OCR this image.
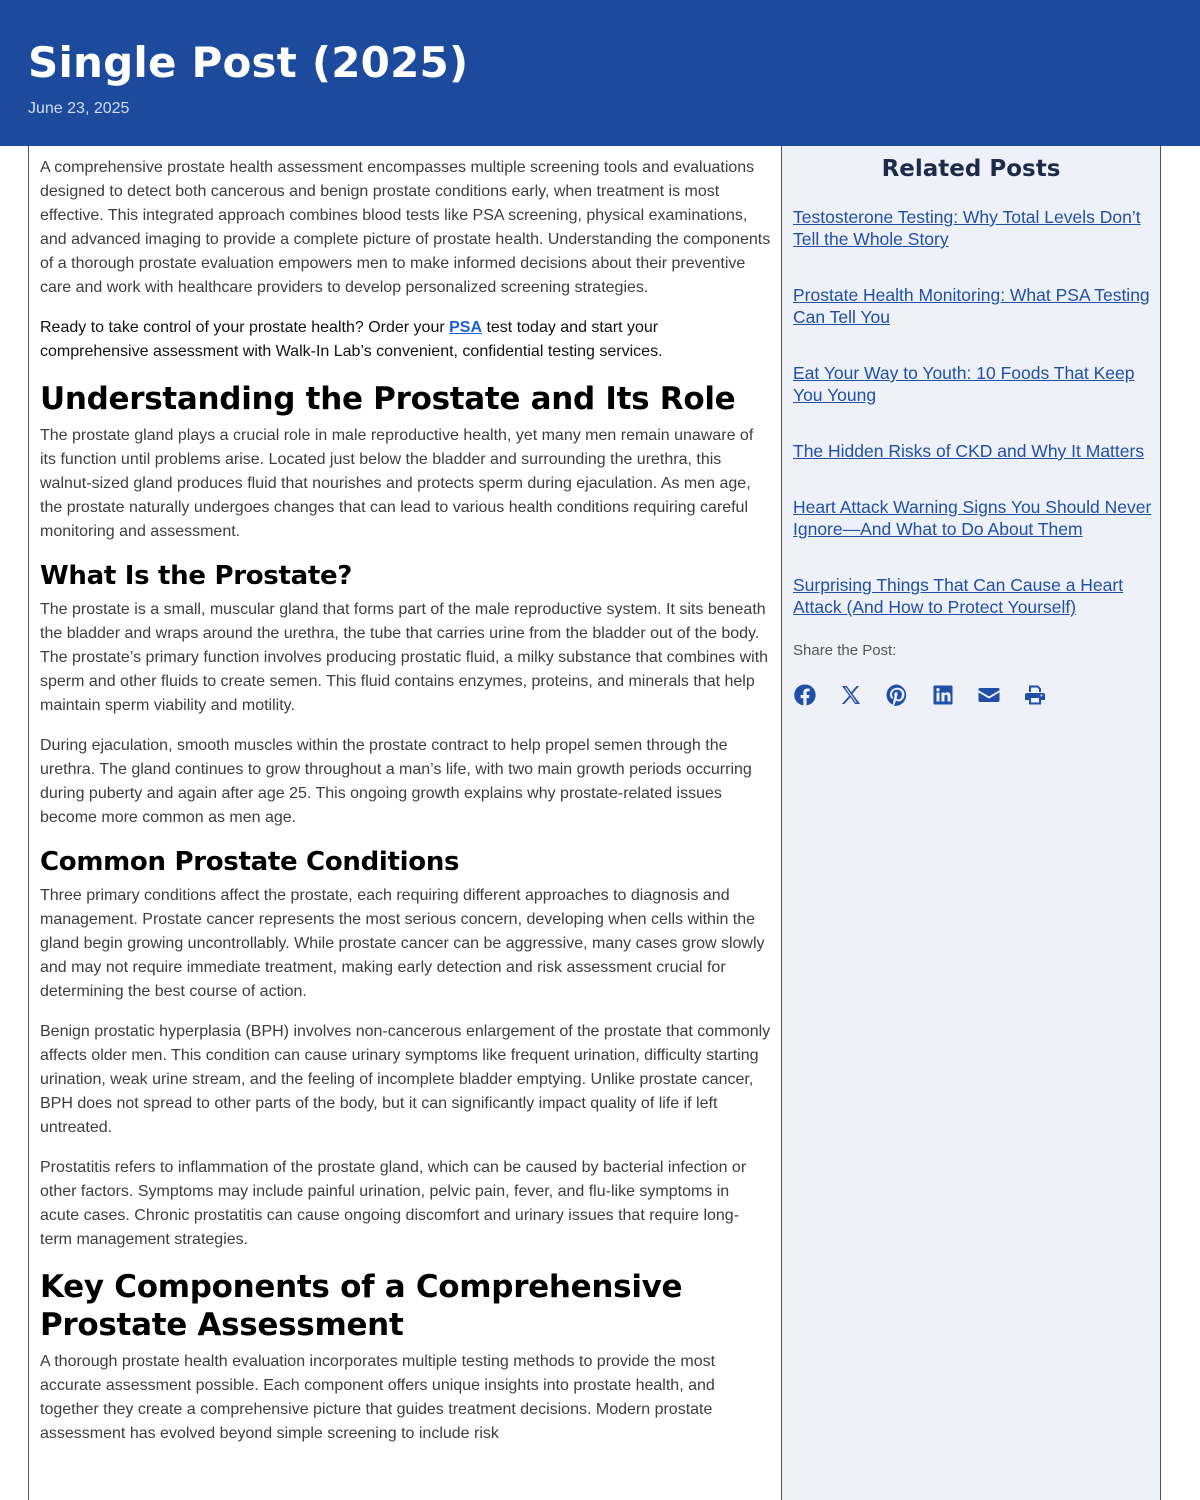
Single Post (2025)
June 23, 2025

A comprehensive prostate health assessment encompasses multiple screening tools and evaluations designed to detect both cancerous and benign prostate conditions early, when treatment is most effective. This integrated approach combines blood tests like PSA screening, physical examinations, and advanced imaging to provide a complete picture of prostate health. Understanding the components of a thorough prostate evaluation empowers men to make informed decisions about their preventive care and work with healthcare providers to develop personalized screening strategies.

Ready to take control of your prostate health? Order your PSA test today and start your comprehensive assessment with Walk-In Lab’s convenient, confidential testing services.

Understanding the Prostate and Its Role

The prostate gland plays a crucial role in male reproductive health, yet many men remain unaware of its function until problems arise. Located just below the bladder and surrounding the urethra, this walnut-sized gland produces fluid that nourishes and protects sperm during ejaculation. As men age, the prostate naturally undergoes changes that can lead to various health conditions requiring careful monitoring and assessment.

What Is the Prostate?

The prostate is a small, muscular gland that forms part of the male reproductive system. It sits beneath the bladder and wraps around the urethra, the tube that carries urine from the bladder out of the body. The prostate’s primary function involves producing prostatic fluid, a milky substance that combines with sperm and other fluids to create semen. This fluid contains enzymes, proteins, and minerals that help maintain sperm viability and motility.

During ejaculation, smooth muscles within the prostate contract to help propel semen through the urethra. The gland continues to grow throughout a man’s life, with two main growth periods occurring during puberty and again after age 25. This ongoing growth explains why prostate-related issues become more common as men age.

Common Prostate Conditions

Three primary conditions affect the prostate, each requiring different approaches to diagnosis and management. Prostate cancer represents the most serious concern, developing when cells within the gland begin growing uncontrollably. While prostate cancer can be aggressive, many cases grow slowly and may not require immediate treatment, making early detection and risk assessment crucial for determining the best course of action.

Benign prostatic hyperplasia (BPH) involves non-cancerous enlargement of the prostate that commonly affects older men. This condition can cause urinary symptoms like frequent urination, difficulty starting urination, weak urine stream, and the feeling of incomplete bladder emptying. Unlike prostate cancer, BPH does not spread to other parts of the body, but it can significantly impact quality of life if left untreated.

Prostatitis refers to inflammation of the prostate gland, which can be caused by bacterial infection or other factors. Symptoms may include painful urination, pelvic pain, fever, and flu-like symptoms in acute cases. Chronic prostatitis can cause ongoing discomfort and urinary issues that require long-term management strategies.

Key Components of a Comprehensive Prostate Assessment

A thorough prostate health evaluation incorporates multiple testing methods to provide the most accurate assessment possible. Each component offers unique insights into prostate health, and together they create a comprehensive picture that guides treatment decisions. Modern prostate assessment has evolved beyond simple screening to include risk

Related Posts
Testosterone Testing: Why Total Levels Don’t Tell the Whole Story
Prostate Health Monitoring: What PSA Testing Can Tell You
Eat Your Way to Youth: 10 Foods That Keep You Young
The Hidden Risks of CKD and Why It Matters
Heart Attack Warning Signs You Should Never Ignore—And What to Do About Them
Surprising Things That Can Cause a Heart Attack (And How to Protect Yourself)
Share the Post:
